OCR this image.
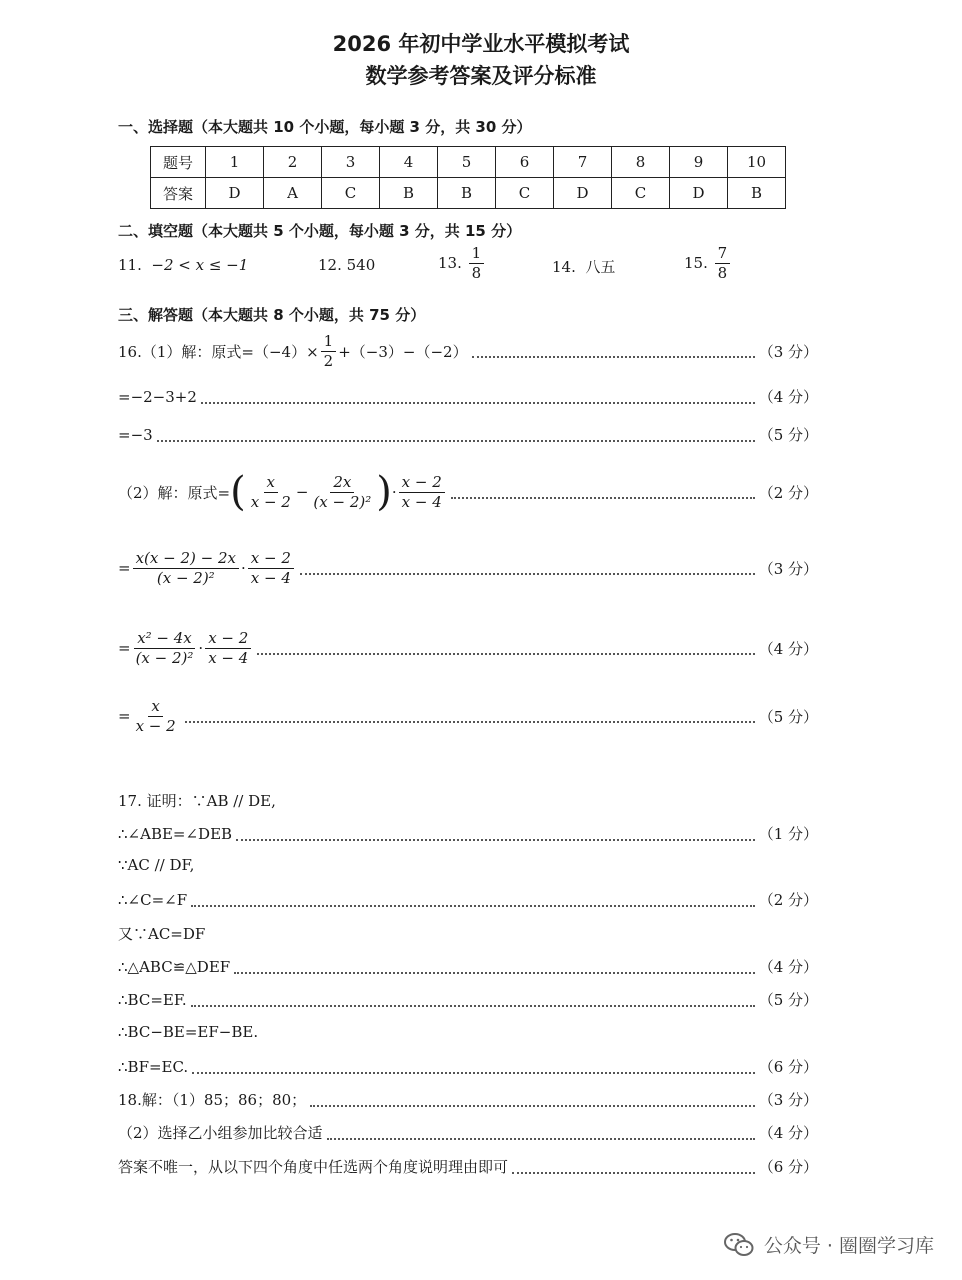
2026 年初中学业水平模拟考试
数学参考答案及评分标准
一、选择题（本大题共 10 个小题，每小题 3 分，共 30 分）
题号	1	2	3	4	5	6	7	8	9	10
答案	D	A	C	B	B	C	D	C	D	B
二、填空题（本大题共 5 个小题，每小题 3 分，共 15 分）
11. −2 < x ≤ −1	12. 540	13.
$\frac{1}{8}$	14. 八五	15.
$\frac{7}{8}$
三、解答题（本大题共 8 个小题，共 75 分）
16.（1）解：原式$=(-4)\times \frac{1}{2} +(-3)-(-2)$	（3 分）
=−2−3+2	（4 分）
=−3	（5 分）
（2）解：原式= ( $\frac{x}{x - 2} - \frac{2x}{\text{(x − 2)²}}$ ) · $\frac{x - 2}{x - 4}$	（2 分）
= $\frac{x(x - 2) - 2x}{\text{(x − 2)²}} \cdot \frac{x - 2}{x - 4}$	（3 分）
= $\frac{\text{x² − 4x}}{\text{(x − 2)²}} \cdot \frac{x - 2}{x - 4}$	（4 分）
= $\frac{x}{x - 2}$	（5 分）
17. 证明：∵AB // DE,
∴∠ABE=∠DEB	（1 分）
∵AC // DF,
∴∠C=∠F	（2 分）
又∵AC=DF
∴△ABC≌△DEF	（4 分）
∴BC=EF.	（5 分）
∴BC−BE=EF−BE.
∴BF=EC.	（6 分）
18.解：（1）85；86；80；	（3 分）
（2）选择乙小组参加比较合适	（4 分）
答案不唯一，从以下四个角度中任选两个角度说明理由即可	（6 分）
公众号 · 圈圈学习库
